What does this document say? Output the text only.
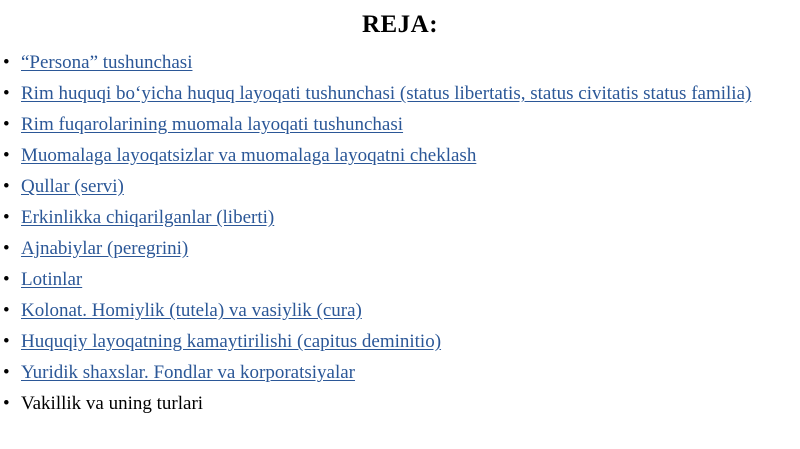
REJA:
• “Persona” tushunchasi
• Rim huquqi bo‘yicha huquq layoqati tushunchasi (status libertatis, status civitatis status familia)
• Rim fuqarolarining muomala layoqati tushunchasi
• Muomalaga layoqatsizlar va muomalaga layoqatni cheklash
• Qullar (servi)
• Erkinlikka chiqarilganlar (liberti)
• Ajnabiylar (peregrini)
• Lotinlar
• Kolonat. Homiylik (tutela) va vasiylik (cura)
• Huquqiy layoqatning kamaytirilishi (capitus deminitio)
• Yuridik shaxslar. Fondlar va korporatsiyalar
• Vakillik va uning turlari
